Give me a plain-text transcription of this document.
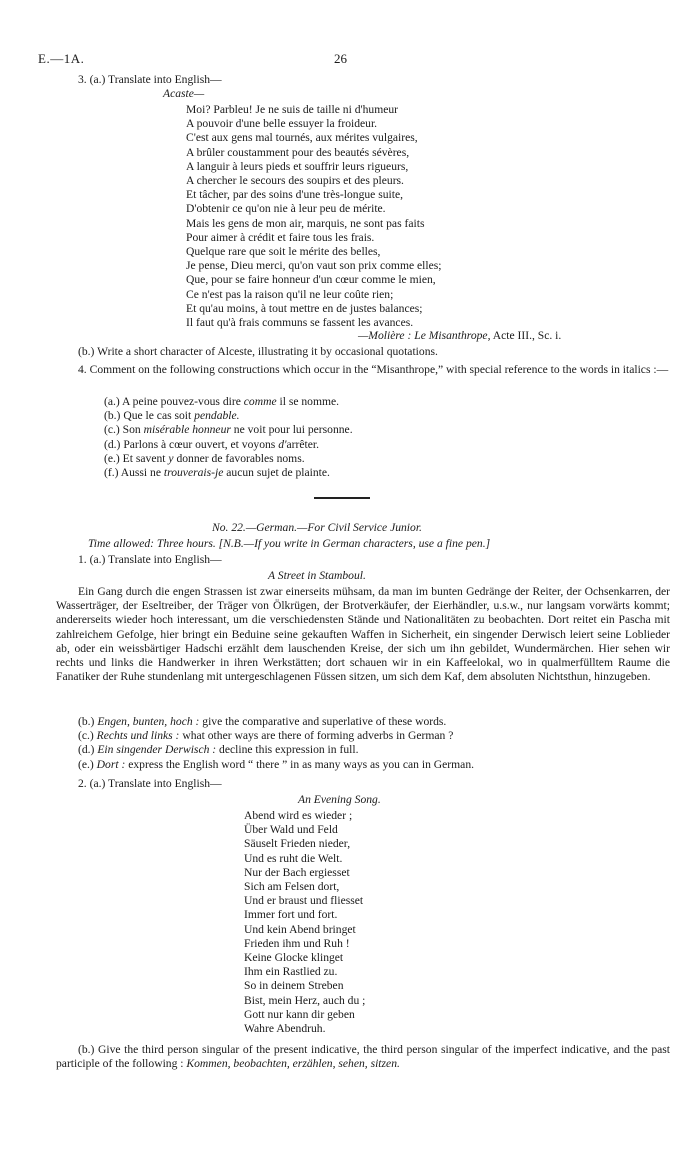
E.—1A.	26
3. (a.) Translate into English—
Acaste—
Moi? Parbleu! Je ne suis de taille ni d'humeur
A pouvoir d'une belle essuyer la froideur.
C'est aux gens mal tournés, aux mérites vulgaires,
A brûler coustamment pour des beautés sévères,
A languir à leurs pieds et souffrir leurs rigueurs,
A chercher le secours des soupirs et des pleurs.
Et tâcher, par des soins d'une très-longue suite,
D'obtenir ce qu'on nie à leur peu de mérite.
Mais les gens de mon air, marquis, ne sont pas faits
Pour aimer à crédit et faire tous les frais.
Quelque rare que soit le mérite des belles,
Je pense, Dieu merci, qu'on vaut son prix comme elles;
Que, pour se faire honneur d'un cœur comme le mien,
Ce n'est pas la raison qu'il ne leur coûte rien;
Et qu'au moins, à tout mettre en de justes balances;
Il faut qu'à frais communs se fassent les avances.
—Molière : Le Misanthrope, Acte III., Sc. i.
(b.) Write a short character of Alceste, illustrating it by occasional quotations.
4. Comment on the following constructions which occur in the “Misanthrope,” with special reference to the words in italics :—
(a.) A peine pouvez-vous dire comme il se nomme.
(b.) Que le cas soit pendable.
(c.) Son misérable honneur ne voit pour lui personne.
(d.) Parlons à cœur ouvert, et voyons d'arrêter.
(e.) Et savent y donner de favorables noms.
(f.) Aussi ne trouverais-je aucun sujet de plainte.
No. 22.—German.—For Civil Service Junior.
Time allowed: Three hours. [N.B.—If you write in German characters, use a fine pen.]
1. (a.) Translate into English—
A Street in Stamboul.
Ein Gang durch die engen Strassen ist zwar einerseits mühsam, da man im bunten Gedränge der Reiter, der Ochsenkarren, der Wasserträger, der Eseltreiber, der Träger von Ölkrügen, der Brotverkäufer, der Eierhändler, u.s.w., nur langsam vorwärts kommt; andererseits wieder hoch interessant, um die verschiedensten Stände und Nationalitäten zu beobachten. Dort reitet ein Pascha mit zahlreichem Gefolge, hier bringt ein Beduine seine gekauften Waffen in Sicherheit, ein singender Derwisch leiert seine Loblieder ab, oder ein weissbärtiger Hadschi erzählt dem lauschenden Kreise, der sich um ihn gebildet, Wundermärchen. Hier sehen wir rechts und links die Handwerker in ihren Werkstätten; dort schauen wir in ein Kaffeelokal, wo in qualmerfülltem Raume die Fanatiker der Ruhe stundenlang mit untergeschlagenen Füssen sitzen, um sich dem Kaf, dem absoluten Nichtsthun, hinzugeben.
(b.) Engen, bunten, hoch : give the comparative and superlative of these words.
(c.) Rechts und links : what other ways are there of forming adverbs in German ?
(d.) Ein singender Derwisch : decline this expression in full.
(e.) Dort : express the English word “ there ” in as many ways as you can in German.
2. (a.) Translate into English—
An Evening Song.
Abend wird es wieder ;
Über Wald und Feld
Säuselt Frieden nieder,
Und es ruht die Welt.
Nur der Bach ergiesset
Sich am Felsen dort,
Und er braust und fliesset
Immer fort und fort.
Und kein Abend bringet
Frieden ihm und Ruh !
Keine Glocke klinget
Ihm ein Rastlied zu.
So in deinem Streben
Bist, mein Herz, auch du ;
Gott nur kann dir geben
Wahre Abendruh.
(b.) Give the third person singular of the present indicative, the third person singular of the imperfect indicative, and the past participle of the following : Kommen, beobachten, erzählen, sehen, sitzen.
